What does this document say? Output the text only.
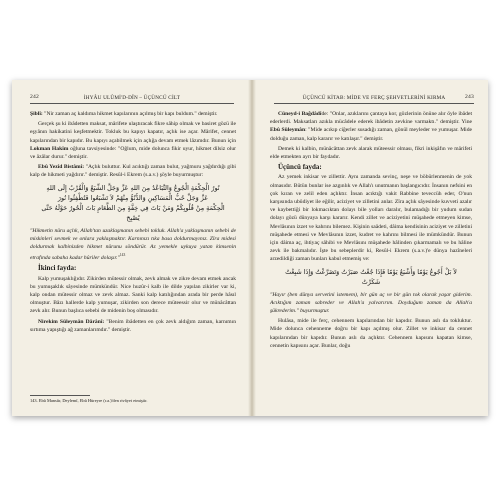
242	İHYÂU ULÛMİ'D-DÎN – ÜÇÜNCÜ CİLT

Şiblî: "Nir zaman aç kaldıma hikmet kapılarının açılmış bir kapı buldum." demiştir.

Gerçek şu ki ibâdetten maksat, mârifete ulaştıracak fikre sâhip olmak ve basiret gözü ile eşyânın hakikatini keşfetmektir. Tokluk bu kapıyı kapatır, açlık ise açar. Mârifet, cennet kapılarından bir kapıdır. Bu kapıyı açabilmek için açlığa devam etmek lâzımdır. Bunun için Lokman Hakîm oğluna tavsiyesinde: "Oğlum, mide dolunca fikir uyur, hikmet dilsiz olur ve âzâlar durur." demiştir.

Ebû Yezîd Bistâmî: "Açlık buluttur. Kul acıktığı zaman bulut, yağmuru yağdırdığı gibi kalp de hikmeti yağdırır." demiştir. Resûl-i Ekrem (s.a.v.) şöyle buyurmuştur:

نُورُ الْحِكْمَةِ الْجُوعُ وَالتَّبَاعُدُ مِنَ اللهِ عَزَّ وَجَلَّ الشِّبَعُ وَالْقُرْبُ إِلَى اللهِ
عَزَّ وَجَلَّ حُبُّ الْمَسَاكِينِ وَالدُّنُوُّ مِنْهُمْ لاَ تَشْبَعُوا فَتُطْفِئُوا نُورَ
الْحِكْمَةِ مِنْ قُلُوبِكُمْ وَمَنْ بَاتَ فِي خِفَّةٍ مِنَ الطَّعَامِ بَاتَ الْحُورُ حَوْلَهُ حَتَّى يُصْبِحَ

"Hikmetin nûru açlık, Allah'tan uzaklaşmanın sebebi tokluk. Allah'a yaklaşmanın sebebi de miskinleri sevmek ve onlara yaklaşmaktır. Karnınızı tıka basa doldurmayınız. Zîra midesi doldurmak kalbinizden hikmet nûrunu söndürür. Az yemekle uykuya yatan kimsenin etrafında sabaha kadar hûriler dolaşır."$^{143}$

İkinci fayda:

Kalp yumuşaklığıdır. Zikirden mütessir olmak, zevk almak ve zikre devam etmek ancak bu yumuşaklık sâyesinde mümkündür. Nice huzûr-i kalb ile dilde yapılan zikirler var ki, kalp ondan mütessir olmaz ve zevk almaz. Sanki kalp katılığından arada bir perde hâsıl olmuştur. Bâzı hallerde kalp yumuşar, zikirden son derece müteessir olur ve münâcâttan zevk alır. Bunun başlıca sebebi de midenin boş olmasıdır.

Nirekim Süleymân Dârânî: "Benim ibâdetten en çok zevk aldığım zaman, karnımın sırtıma yapıştığı ağ zamanlarımdır." demiştir.

143. Ebû Mansûr, Deylemî, Ebû Hüreyre (r.a.)'den rivâyet etmiştir.
ÜÇÜNCÜ KİTAB: MİDE VE FERÇ ŞEHVETLERİNİ KIRMA	243

Cüneyd-i Bağdâdîde: "Onlar, azıklarını çantaya kor, gözlerinin önüne alır öyle ibâdet ederlerdi. Maksatları azıkla mücâdele ederek ibâdetin zevkine varmaktı." demiştir. Yine Ebû Süleymân: "Mide acıkıp ciğerler susadığı zaman, gönül meyleder ve yumuşar. Mide dolduğu zaman, kalp kararır ve katılaşır." demiştir.

Demek ki kalbin, münâcâttan zevk alarak müteessir olması, fikri inkişâfın ve mârifeti elde etmekten ayrı bir faydadır.

Üçüncü fayda:

Az yemek inkisar ve zillettir. Aynı zamanda sevinç, neşe ve böbürlenmenin de yok olmasıdır. Bütün bunlar ise azgınlık ve Allah'ı unutmanın başlangıcıdır. İnsanın nefsini en çok kıran ve zelil eden açlıktır. İnsan acıktığı vakit Rabbine teveccüh eder, O'nun karşısında ubûdiyet ile eğilir, aciziyet ve zilletini anlar. Zîra açlık sâyesinde kuvveti azalır ve kaybettiği bir lokmacıktan dolayı bile yolları daralır, bulamadığı bir yudum sudan dolayı gözü dünyaya karşı kararır. Kendi zillet ve aciziyetini müşahede etmeyen kimse, Mevlâsının izzet ve kahrını bilemez. Kişinin saâdeti, dâima kendisinin aciziyet ve zilletini müşahede etmesi ve Mevlâsının izzet, kudret ve kahrını bilmesi ile mümkündür. Bunun için dâima aç, ihtiyaç sâhibi ve Mevlâsını müşahede hâlinden çıkarmamalı ve bu hâline zevk ile bakmalıdır. İşte bu sebeplerdir ki, Resûl-i Ekrem (s.a.v.)'e dünya hazîneleri arzedildiği zaman bunları kabul etmemiş ve:

لاَ بَلْ أَجُوعُ يَوْمًا وَأَشْبَعُ يَوْمًا فَإِذَا جُعْتُ صَبَرْتُ وَتَضَرَّعْتُ وَإِذَا شَبِعْتُ
شَكَرْتُ

"Hayır (ben dünya servetini istemem), bir gün aç ve bir gün tok olarak yaşar giderim. Acıktığım zaman sabreder ve Allah'a yalvarırım. Doyduğum zaman da Allah'a şükrederim." buyurmuştur.

Hulâsa, mide ile ferç, cehennem kapılarından bir kapıdır. Bunun aslı da tokluktur. Mide dolunca cehenneme doğru bir kapı açılmış olur. Zillet ve inkisar da cennet kapılarından bir kapıdır. Bunun aslı da açlıktır. Cehennem kapısını kapatan kimse, cennetin kapısını açar. Bunlar, doğu
